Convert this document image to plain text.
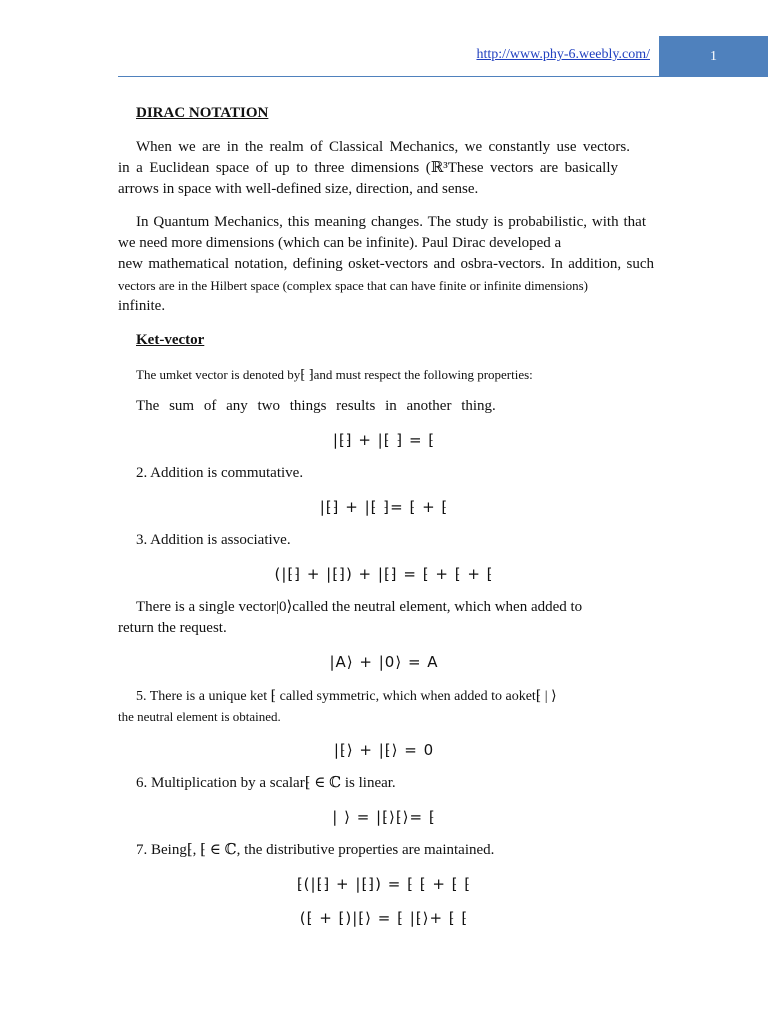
http://www.phy-6.weebly.com/	1

DIRAC NOTATION

When we are in the realm of Classical Mechanics, we constantly use vectors.

in a Euclidean space of up to three dimensions (ℝ³These vectors are basically

arrows in space with well-defined size, direction, and sense.

In Quantum Mechanics, this meaning changes. The study is probabilistic, with that

we need more dimensions (which can be infinite). Paul Dirac developed a

new mathematical notation, defining osket-vectors and osbra-vectors. In addition, such

vectors are in the Hilbert space (complex space that can have finite or infinite dimensions)

infinite.

Ket-vector

The umket vector is denoted by⁅ ⁆and must respect the following properties:

The sum of any two things results in another thing.

|⁅⁆ + |⁅ ⁆ = ⁅

2. Addition is commutative.

|⁅⁆ + |⁅ ⁆= ⁅ + ⁅

3. Addition is associative.

(|⁅⁆ + |⁅⁆) + |⁅⁆ = ⁅ + ⁅ + ⁅

There is a single vector|0⟩called the neutral element, which when added to

return the request.

|A⟩ + |0⟩ = A

5. There is a unique ket ⁅ called symmetric, which when added to aoket⁅ | ⟩

the neutral element is obtained.

|⁅⟩ + |⁅⟩ = 0

6. Multiplication by a scalar⁅ ∈ ℂ is linear.

| ⟩ = |⁅⟩⁅⟩= ⁅

7. Being⁅, ⁅ ∈ ℂ, the distributive properties are maintained.

⁅(|⁅⁆ + |⁅⁆) = ⁅ ⁅ + ⁅ ⁅
(⁅ + ⁅)|⁅⟩ = ⁅ |⁅⟩+ ⁅ ⁅
